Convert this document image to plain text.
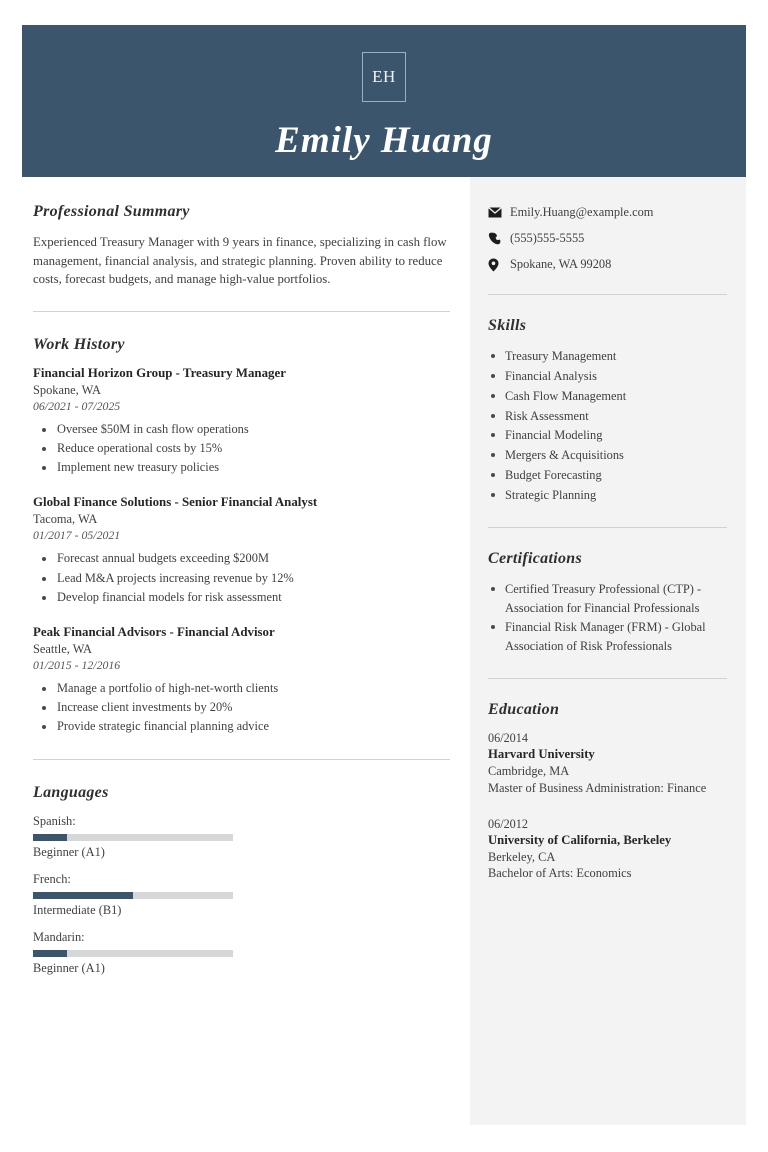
EH
Emily Huang
Emily.Huang@example.com
(555)555-5555
Spokane, WA 99208
Skills
Treasury Management
Financial Analysis
Cash Flow Management
Risk Assessment
Financial Modeling
Mergers & Acquisitions
Budget Forecasting
Strategic Planning
Certifications
Certified Treasury Professional (CTP) - Association for Financial Professionals
Financial Risk Manager (FRM) - Global Association of Risk Professionals
Education

06/2014

Harvard University

Cambridge, MA

Master of Business Administration: Finance

06/2012

University of California, Berkeley

Berkeley, CA

Bachelor of Arts: Economics

Professional Summary

Experienced Treasury Manager with 9 years in finance, specializing in cash flow management, financial analysis, and strategic planning. Proven ability to reduce costs, forecast budgets, and manage high-value portfolios.

Work History

Financial Horizon Group - Treasury Manager

Spokane, WA

06/2021 - 07/2025

Oversee $50M in cash flow operations
Reduce operational costs by 15%
Implement new treasury policies

Global Finance Solutions - Senior Financial Analyst

Tacoma, WA

01/2017 - 05/2021

Forecast annual budgets exceeding $200M
Lead M&A projects increasing revenue by 12%
Develop financial models for risk assessment

Peak Financial Advisors - Financial Advisor

Seattle, WA

01/2015 - 12/2016

Manage a portfolio of high-net-worth clients
Increase client investments by 20%
Provide strategic financial planning advice
Languages

Spanish:

Beginner (A1)

French:

Intermediate (B1)

Mandarin:

Beginner (A1)
